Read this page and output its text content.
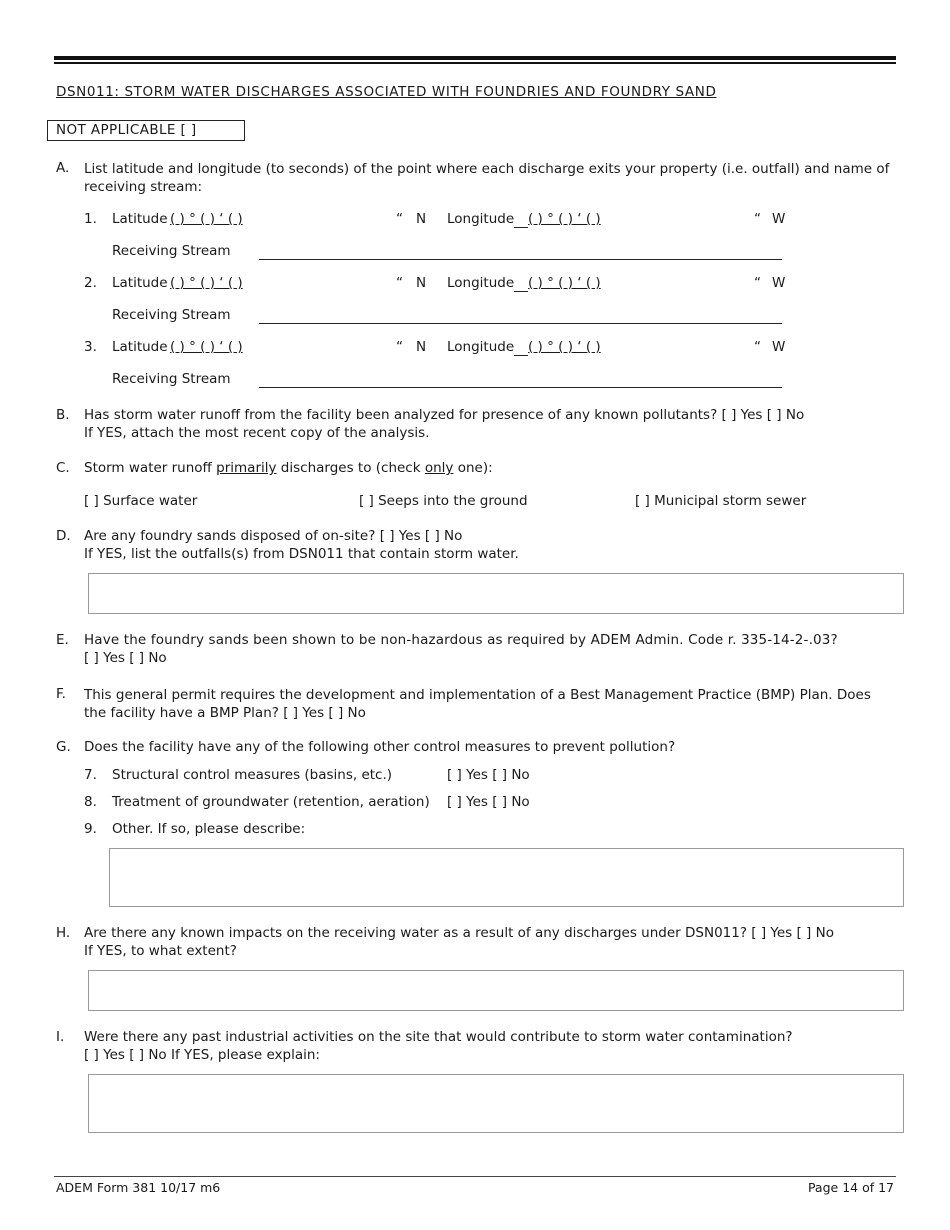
DSN011: STORM WATER DISCHARGES ASSOCIATED WITH FOUNDRIES AND FOUNDRY SAND
NOT APPLICABLE [ ]
A. List latitude and longitude (to seconds) of the point where each discharge exits your property (i.e. outfall) and name of receiving stream:
1. Latitude ( ) ° ( ) ‘ ( )	“ N Longitude ( ) ° ( ) ‘ ( )	“ W
Receiving Stream
2. Latitude ( ) ° ( ) ‘ ( )	“ N Longitude ( ) ° ( ) ‘ ( )	“ W
Receiving Stream
3. Latitude ( ) ° ( ) ‘ ( )	“ N Longitude ( ) ° ( ) ‘ ( )	“ W
Receiving Stream
B. Has storm water runoff from the facility been analyzed for presence of any known pollutants? [ ] Yes [ ] No
If YES, attach the most recent copy of the analysis.
C. Storm water runoff primarily discharges to (check only one):
[ ] Surface water	[ ] Seeps into the ground	[ ] Municipal storm sewer
D. Are any foundry sands disposed of on-site? [ ] Yes [ ] No
If YES, list the outfalls(s) from DSN011 that contain storm water.
E. Have the foundry sands been shown to be non-hazardous as required by ADEM Admin. Code r. 335-14-2-.03?
[ ] Yes [ ] No
F. This general permit requires the development and implementation of a Best Management Practice (BMP) Plan. Does the facility have a BMP Plan? [ ] Yes [ ] No
G. Does the facility have any of the following other control measures to prevent pollution?
7. Structural control measures (basins, etc.)	[ ] Yes [ ] No
8. Treatment of groundwater (retention, aeration) [ ] Yes [ ] No
9. Other. If so, please describe:
H. Are there any known impacts on the receiving water as a result of any discharges under DSN011? [ ] Yes [ ] No
If YES, to what extent?
I. Were there any past industrial activities on the site that would contribute to storm water contamination?
[ ] Yes [ ] No If YES, please explain:
ADEM Form 381 10/17 m6	Page 14 of 17
